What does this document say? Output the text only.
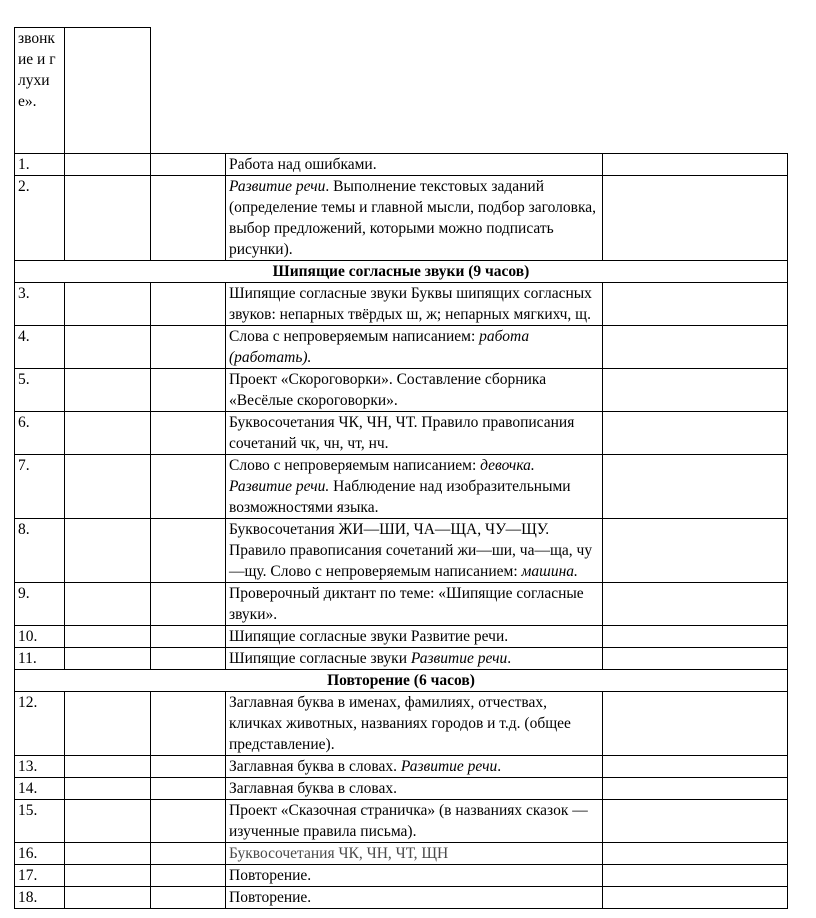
звонкие и глухие».				

1.			Работа над ошибками.	
2.			Развитие речи. Выполнение текстовых заданий (определение темы и главной мысли, подбор заголовка, выбор предложений, которыми можно подписать рисунки).	
Шипящие согласные звуки (9 часов)				
3.			Шипящие согласные звуки Буквы шипящих согласных звуков: непарных твёрдых ш, ж; непарных мягкихч, щ.	
4.			Слова с непроверяемым написанием: работа (работать).	
5.			Проект «Скороговорки». Составление сборника «Весёлые скороговорки».	
6.			Буквосочетания ЧК, ЧН, ЧТ. Правило правописания сочетаний чк, чн, чт, нч.	
7.			Слово с непроверяемым написанием: девочка. Развитие речи. Наблюдение над изобразительными возможностями языка.	
8.			Буквосочетания ЖИ—ШИ, ЧА—ЩА, ЧУ—ЩУ. Правило правописания сочетаний жи—ши, ча—ща, чу—щу. Слово с непроверяемым написанием: машина.	
9.			Проверочный диктант по теме: «Шипящие согласные звуки».	
10.			Шипящие согласные звуки Развитие речи.	
11.			Шипящие согласные звуки Развитие речи.	
Повторение (6 часов)				
12.			Заглавная буква в именах, фамилиях, отчествах, кличках животных, названиях городов и т.д. (общее представление).	
13.			Заглавная буква в словах. Развитие речи.	
14.			Заглавная буква в словах.	
15.			Проект «Сказочная страничка» (в названиях сказок — изученные правила письма).	
16.			Буквосочетания ЧК, ЧН, ЧТ, ЩН	
17.			Повторение.	
18.			Повторение.	
